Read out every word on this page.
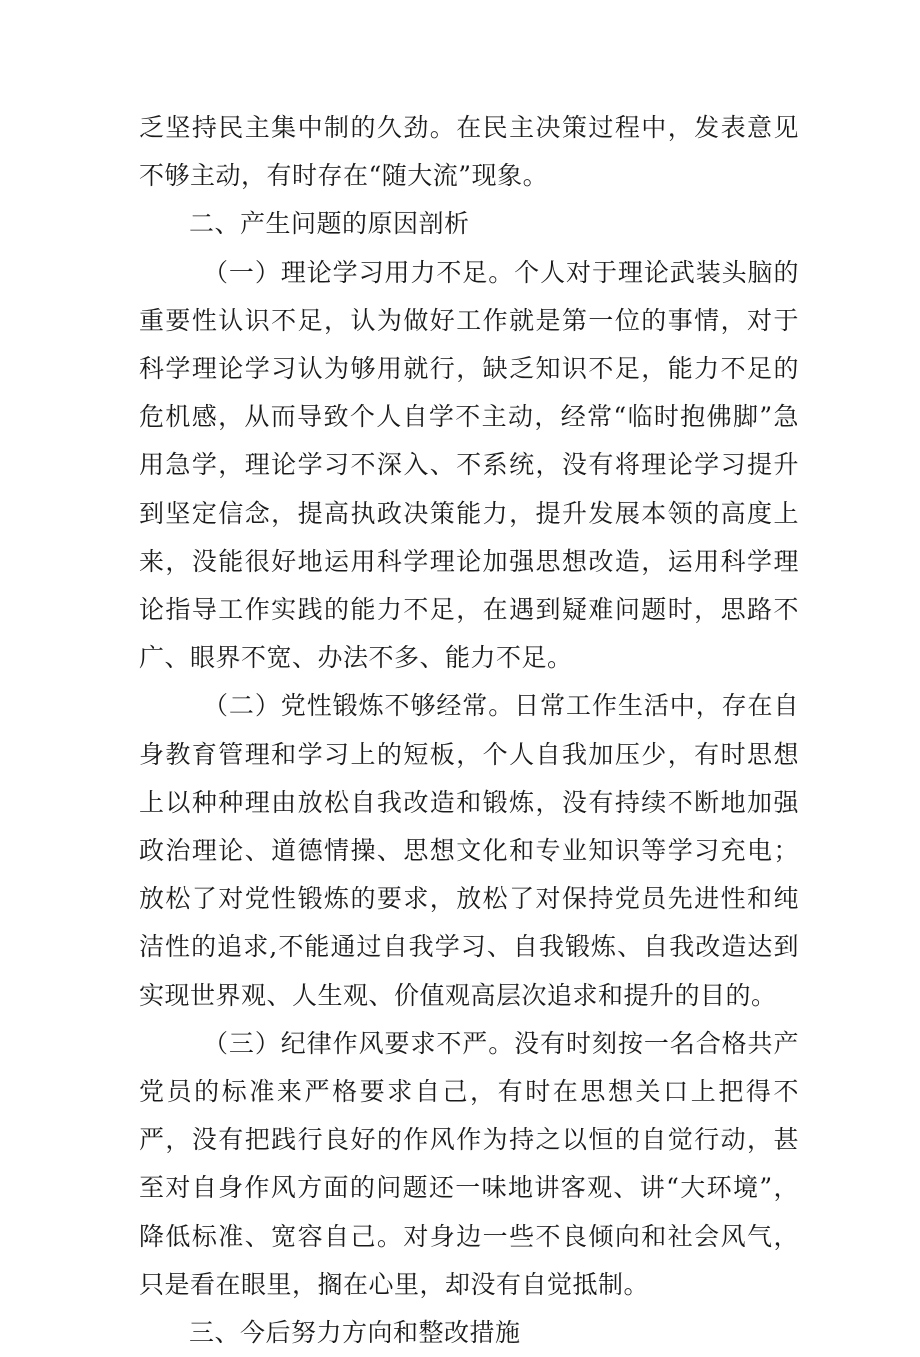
乏坚持民主集中制的久劲。在民主决策过程中，发表意见不够主动，有时存在“随大流”现象。

二、产生问题的原因剖析

（一）理论学习用力不足。个人对于理论武装头脑的重要性认识不足，认为做好工作就是第一位的事情，对于科学理论学习认为够用就行，缺乏知识不足，能力不足的危机感，从而导致个人自学不主动，经常“临时抱佛脚”急用急学，理论学习不深入、不系统，没有将理论学习提升到坚定信念，提高执政决策能力，提升发展本领的高度上来，没能很好地运用科学理论加强思想改造，运用科学理论指导工作实践的能力不足，在遇到疑难问题时，思路不广、眼界不宽、办法不多、能力不足。

（二）党性锻炼不够经常。日常工作生活中，存在自身教育管理和学习上的短板，个人自我加压少，有时思想上以种种理由放松自我改造和锻炼，没有持续不断地加强政治理论、道德情操、思想文化和专业知识等学习充电；放松了对党性锻炼的要求，放松了对保持党员先进性和纯洁性的追求,不能通过自我学习、自我锻炼、自我改造达到实现世界观、人生观、价值观高层次追求和提升的目的。

（三）纪律作风要求不严。没有时刻按一名合格共产党员的标准来严格要求自己，有时在思想关口上把得不严，没有把践行良好的作风作为持之以恒的自觉行动，甚至对自身作风方面的问题还一味地讲客观、讲“大环境”，降低标准、宽容自己。对身边一些不良倾向和社会风气，只是看在眼里，搁在心里，却没有自觉抵制。

三、今后努力方向和整改措施
